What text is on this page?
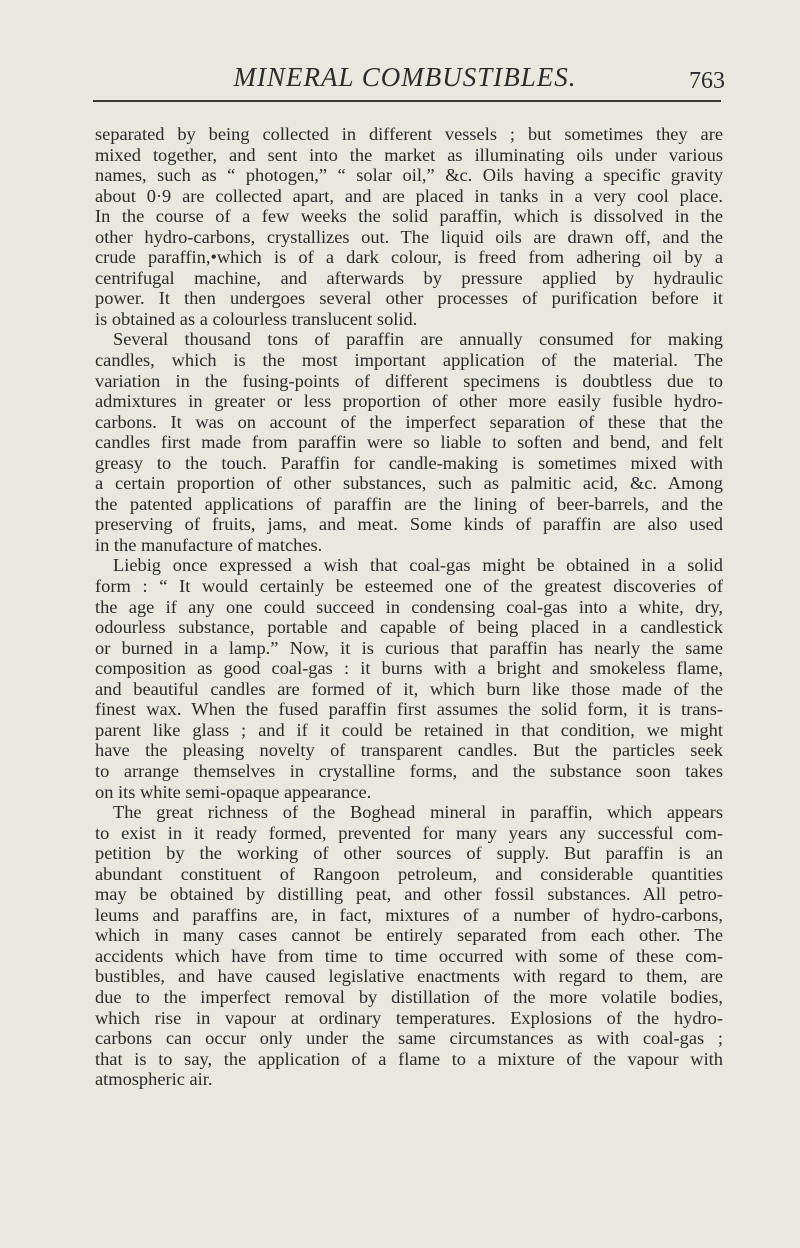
MINERAL COMBUSTIBLES.	763
separated by being collected in different vessels ; but sometimes they are
mixed together, and sent into the market as illuminating oils under various
names, such as “ photogen,” “ solar oil,” &c. Oils having a specific gravity
about 0·9 are collected apart, and are placed in tanks in a very cool place.
In the course of a few weeks the solid paraffin, which is dissolved in the
other hydro-carbons, crystallizes out. The liquid oils are drawn off, and the
crude paraffin,•which is of a dark colour, is freed from adhering oil by a
centrifugal machine, and afterwards by pressure applied by hydraulic
power. It then undergoes several other processes of purification before it
is obtained as a colourless translucent solid.
Several thousand tons of paraffin are annually consumed for making
candles, which is the most important application of the material. The
variation in the fusing-points of different specimens is doubtless due to
admixtures in greater or less proportion of other more easily fusible hydro-
carbons. It was on account of the imperfect separation of these that the
candles first made from paraffin were so liable to soften and bend, and felt
greasy to the touch. Paraffin for candle-making is sometimes mixed with
a certain proportion of other substances, such as palmitic acid, &c. Among
the patented applications of paraffin are the lining of beer-barrels, and the
preserving of fruits, jams, and meat. Some kinds of paraffin are also used
in the manufacture of matches.
Liebig once expressed a wish that coal-gas might be obtained in a solid
form : “ It would certainly be esteemed one of the greatest discoveries of
the age if any one could succeed in condensing coal-gas into a white, dry,
odourless substance, portable and capable of being placed in a candlestick
or burned in a lamp.” Now, it is curious that paraffin has nearly the same
composition as good coal-gas : it burns with a bright and smokeless flame,
and beautiful candles are formed of it, which burn like those made of the
finest wax. When the fused paraffin first assumes the solid form, it is trans-
parent like glass ; and if it could be retained in that condition, we might
have the pleasing novelty of transparent candles. But the particles seek
to arrange themselves in crystalline forms, and the substance soon takes
on its white semi-opaque appearance.
The great richness of the Boghead mineral in paraffin, which appears
to exist in it ready formed, prevented for many years any successful com-
petition by the working of other sources of supply. But paraffin is an
abundant constituent of Rangoon petroleum, and considerable quantities
may be obtained by distilling peat, and other fossil substances. All petro-
leums and paraffins are, in fact, mixtures of a number of hydro-carbons,
which in many cases cannot be entirely separated from each other. The
accidents which have from time to time occurred with some of these com-
bustibles, and have caused legislative enactments with regard to them, are
due to the imperfect removal by distillation of the more volatile bodies,
which rise in vapour at ordinary temperatures. Explosions of the hydro-
carbons can occur only under the same circumstances as with coal-gas ;
that is to say, the application of a flame to a mixture of the vapour with
atmospheric air.
